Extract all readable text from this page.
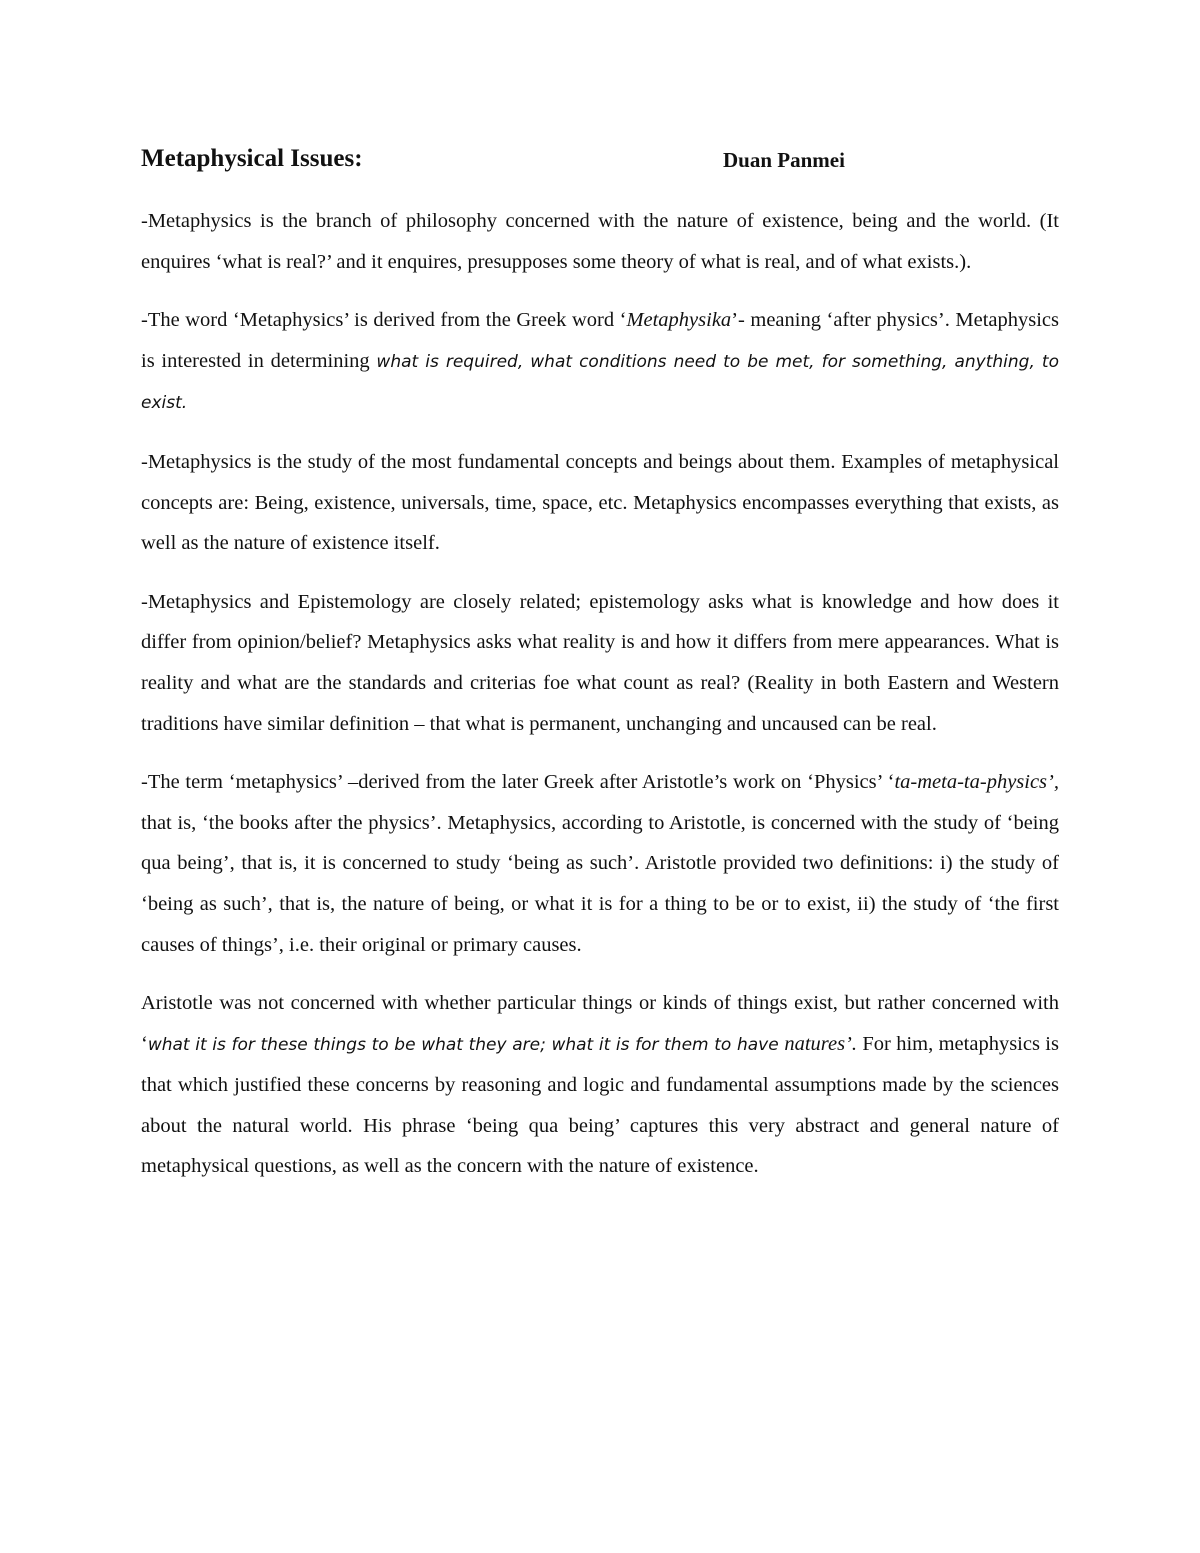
Metaphysical Issues:	Duan Panmei

-Metaphysics is the branch of philosophy concerned with the nature of existence, being and the world. (It enquires ‘what is real?’ and it enquires, presupposes some theory of what is real, and of what exists.).

-The word ‘Metaphysics’ is derived from the Greek word ‘Metaphysika’- meaning ‘after physics’. Metaphysics is interested in determining what is required, what conditions need to be met, for something, anything, to exist.

-Metaphysics is the study of the most fundamental concepts and beings about them. Examples of metaphysical concepts are: Being, existence, universals, time, space, etc. Metaphysics encompasses everything that exists, as well as the nature of existence itself.

-Metaphysics and Epistemology are closely related; epistemology asks what is knowledge and how does it differ from opinion/belief? Metaphysics asks what reality is and how it differs from mere appearances. What is reality and what are the standards and criterias foe what count as real? (Reality in both Eastern and Western traditions have similar definition – that what is permanent, unchanging and uncaused can be real.

-The term ‘metaphysics’ –derived from the later Greek after Aristotle’s work on ‘Physics’ ‘ta-meta-ta-physics’, that is, ‘the books after the physics’. Metaphysics, according to Aristotle, is concerned with the study of ‘being qua being’, that is, it is concerned to study ‘being as such’. Aristotle provided two definitions: i) the study of ‘being as such’, that is, the nature of being, or what it is for a thing to be or to exist, ii) the study of ‘the first causes of things’, i.e. their original or primary causes.

Aristotle was not concerned with whether particular things or kinds of things exist, but rather concerned with ‘what it is for these things to be what they are; what it is for them to have natures’. For him, metaphysics is that which justified these concerns by reasoning and logic and fundamental assumptions made by the sciences about the natural world. His phrase ‘being qua being’ captures this very abstract and general nature of metaphysical questions, as well as the concern with the nature of existence.
